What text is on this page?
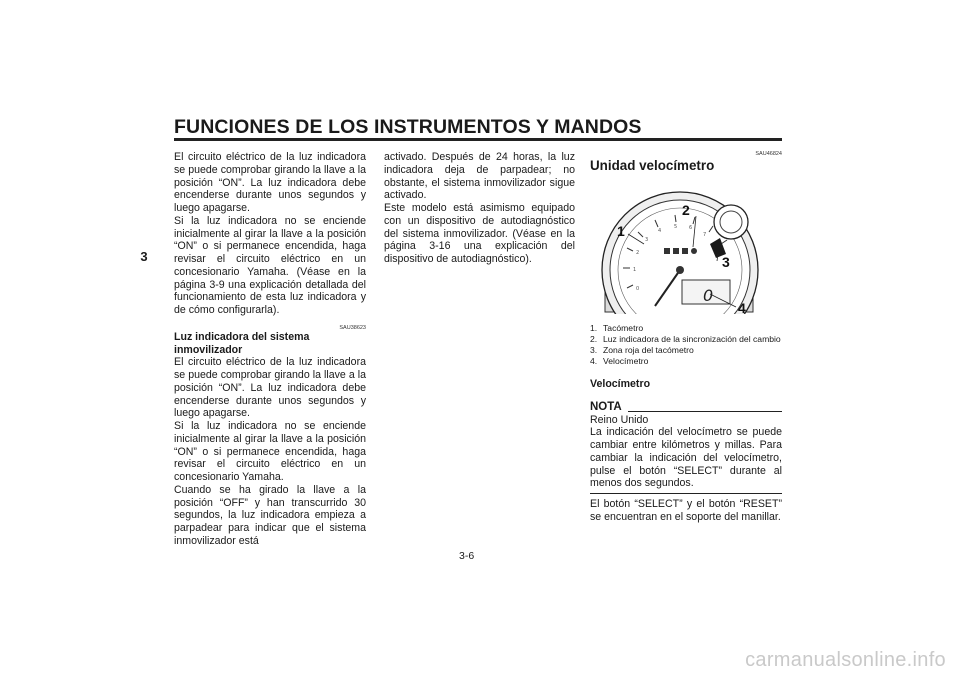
FUNCIONES DE LOS INSTRUMENTOS Y MANDOS
3

El circuito eléctrico de la luz indicadora se puede comprobar girando la llave a la posición “ON”. La luz indicadora debe encenderse durante unos segundos y luego apagarse.

Si la luz indicadora no se enciende inicialmente al girar la llave a la posición “ON” o si permanece encendida, haga revisar el circuito eléctrico en un concesionario Yamaha. (Véase en la página 3-9 una explicación detallada del funcionamiento de esta luz indicadora y de cómo configurarla).

SAU38623
Luz indicadora del sistema inmovilizador

El circuito eléctrico de la luz indicadora se puede comprobar girando la llave a la posición “ON”. La luz indicadora debe encenderse durante unos segundos y luego apagarse.

Si la luz indicadora no se enciende inicialmente al girar la llave a la posición “ON” o si permanece encendida, haga revisar el circuito eléctrico en un concesionario Yamaha.

Cuando se ha girado la llave a la posición “OFF” y han transcurrido 30 segundos, la luz indicadora empieza a parpadear para indicar que el sistema inmovilizador está

activado. Después de 24 horas, la luz indicadora deja de parpadear; no obstante, el sistema inmovilizador sigue activado.

Este modelo está asimismo equipado con un dispositivo de autodiagnóstico del sistema inmovilizador. (Véase en la página 3-16 una explicación del dispositivo de autodiagnóstico).

SAU46824
Unidad velocímetro
0
1
2
3
4
5 6
7
0
1
2
3
4
1. Tacómetro
2. Luz indicadora de la sincronización del cambio
3. Zona roja del tacómetro
4. Velocímetro
Velocímetro
NOTA

Reino Unido

La indicación del velocímetro se puede cambiar entre kilómetros y millas. Para cambiar la indicación del velocímetro, pulse el botón “SELECT” durante al menos dos segundos.

El botón “SELECT” y el botón “RESET” se encuentran en el soporte del manillar.

3-6
carmanualsonline.info
